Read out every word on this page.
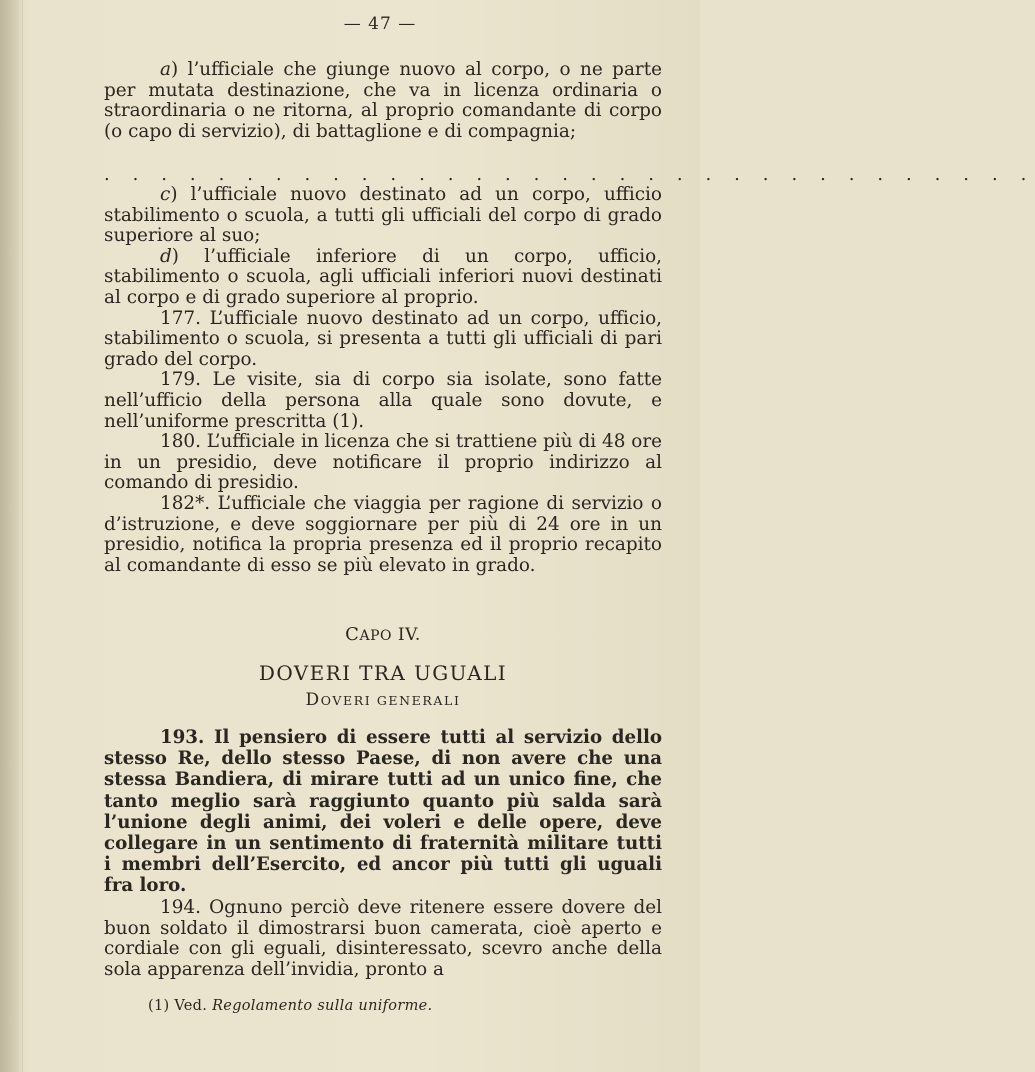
— 47 —

a) l’ufficiale che giunge nuovo al corpo, o ne parte per mutata destinazione, che va in licenza ordinaria o straordinaria o ne ritorna, al proprio comandante di corpo (o capo di servizio), di battaglione e di compagnia;

. . . . . . . . . . . . . . . . . . . . . . . . . . . . . . . . .

c) l’ufficiale nuovo destinato ad un corpo, ufficio stabilimento o scuola, a tutti gli ufficiali del corpo di grado superiore al suo;

d) l’ufficiale inferiore di un corpo, ufficio, stabilimento o scuola, agli ufficiali inferiori nuovi destinati al corpo e di grado superiore al proprio.

177. L’ufficiale nuovo destinato ad un corpo, ufficio, stabilimento o scuola, si presenta a tutti gli ufficiali di pari grado del corpo.

179. Le visite, sia di corpo sia isolate, sono fatte nell’ufficio della persona alla quale sono dovute, e nell’uniforme prescritta (1).

180. L’ufficiale in licenza che si trattiene più di 48 ore in un presidio, deve notificare il proprio indirizzo al comando di presidio.

182*. L’ufficiale che viaggia per ragione di servizio o d’istruzione, e deve soggiornare per più di 24 ore in un presidio, notifica la propria presenza ed il proprio recapito al comandante di esso se più elevato in grado.

CAPO IV.
DOVERI TRA UGUALI
DOVERI GENERALI

193. Il pensiero di essere tutti al servizio dello stesso Re, dello stesso Paese, di non avere che una stessa Bandiera, di mirare tutti ad un unico fine, che tanto meglio sarà raggiunto quanto più salda sarà l’unione degli animi, dei voleri e delle opere, deve collegare in un sentimento di fraternità militare tutti i membri dell’Esercito, ed ancor più tutti gli uguali fra loro.

194. Ognuno perciò deve ritenere essere dovere del buon soldato il dimostrarsi buon camerata, cioè aperto e cordiale con gli eguali, disinteressato, scevro anche della sola apparenza dell’invidia, pronto a

(1) Ved. Regolamento sulla uniforme.
